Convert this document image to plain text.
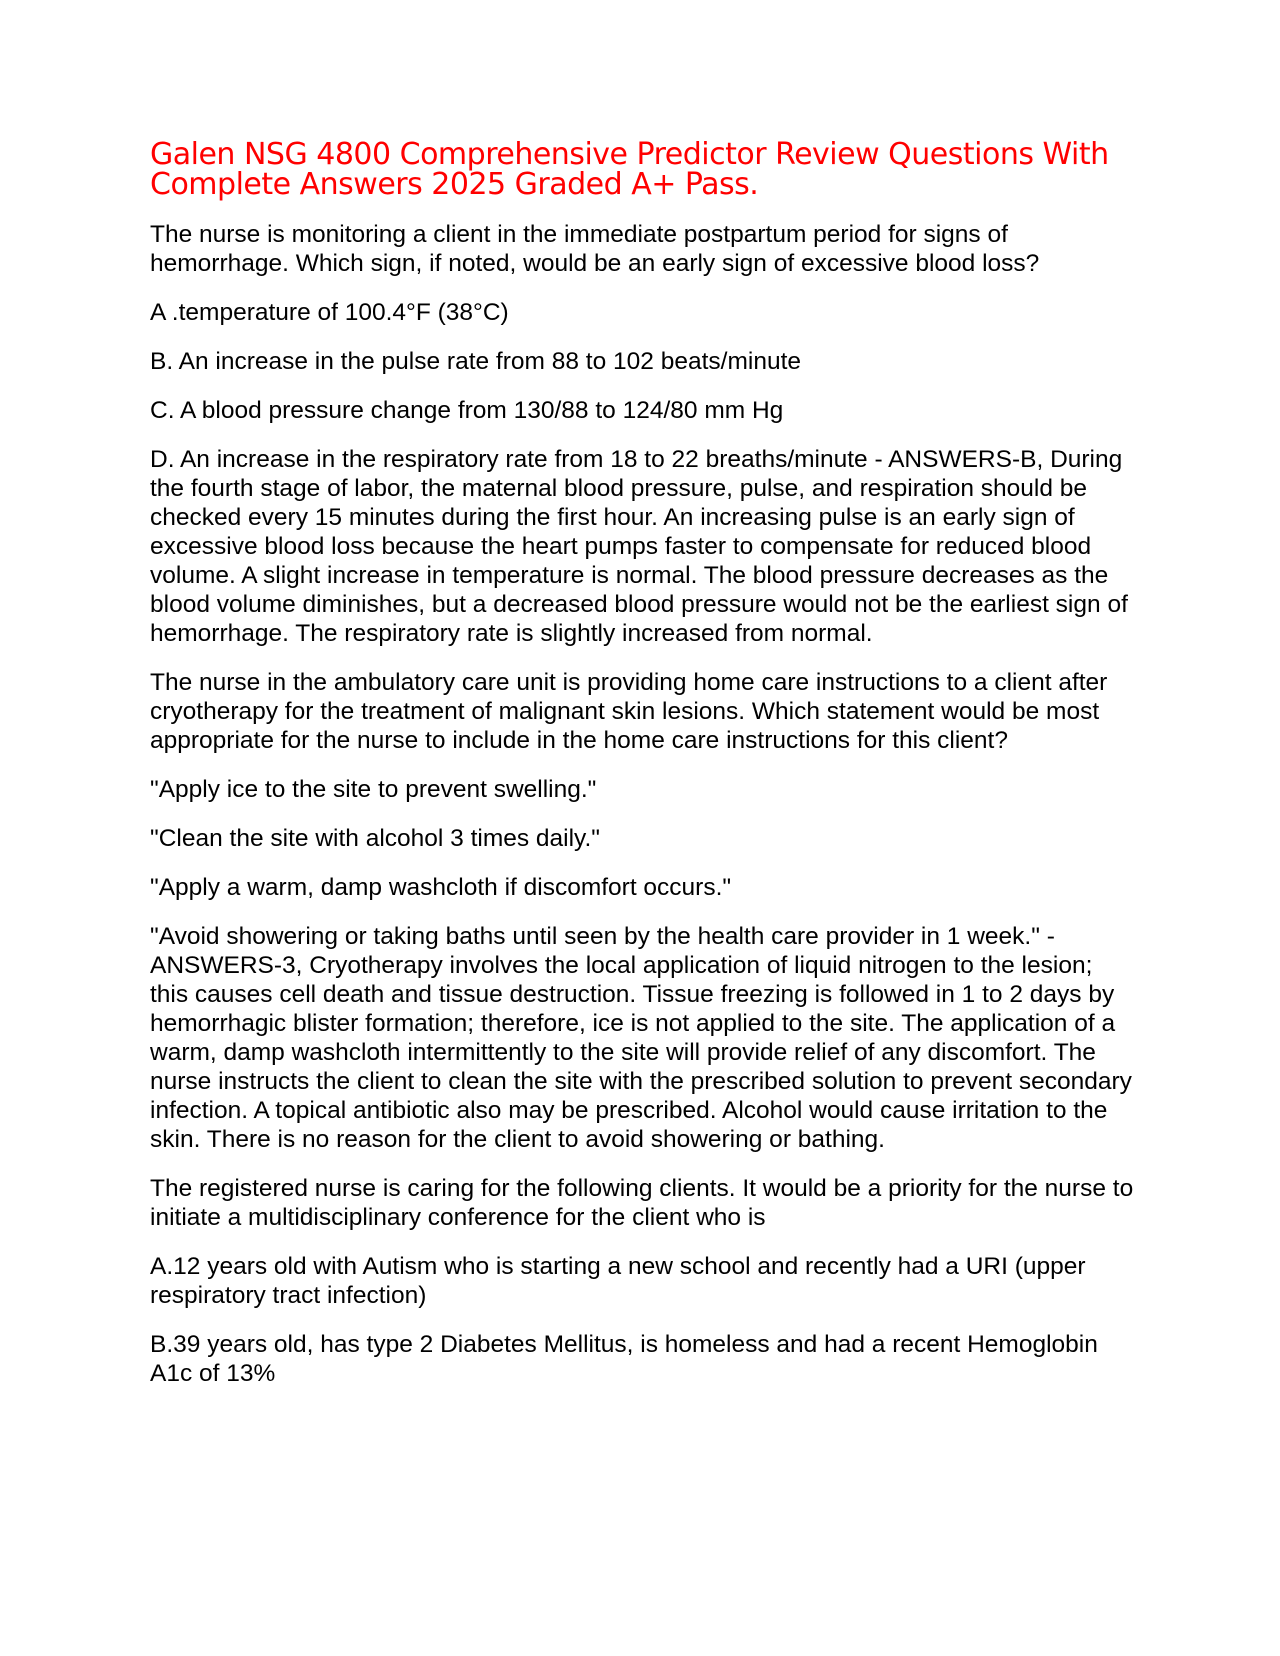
Galen NSG 4800 Comprehensive Predictor Review Questions With Complete Answers 2025 Graded A+ Pass.

The nurse is monitoring a client in the immediate postpartum period for signs of hemorrhage. Which sign, if noted, would be an early sign of excessive blood loss?

A .temperature of 100.4°F (38°C)

B. An increase in the pulse rate from 88 to 102 beats/minute

C. A blood pressure change from 130/88 to 124/80 mm Hg

D. An increase in the respiratory rate from 18 to 22 breaths/minute - ANSWERS-B, During the fourth stage of labor, the maternal blood pressure, pulse, and respiration should be checked every 15 minutes during the first hour. An increasing pulse is an early sign of excessive blood loss because the heart pumps faster to compensate for reduced blood volume. A slight increase in temperature is normal. The blood pressure decreases as the blood volume diminishes, but a decreased blood pressure would not be the earliest sign of hemorrhage. The respiratory rate is slightly increased from normal.

The nurse in the ambulatory care unit is providing home care instructions to a client after cryotherapy for the treatment of malignant skin lesions. Which statement would be most appropriate for the nurse to include in the home care instructions for this client?

"Apply ice to the site to prevent swelling."

"Clean the site with alcohol 3 times daily."

"Apply a warm, damp washcloth if discomfort occurs."

"Avoid showering or taking baths until seen by the health care provider in 1 week." - ANSWERS-3, Cryotherapy involves the local application of liquid nitrogen to the lesion; this causes cell death and tissue destruction. Tissue freezing is followed in 1 to 2 days by hemorrhagic blister formation; therefore, ice is not applied to the site. The application of a warm, damp washcloth intermittently to the site will provide relief of any discomfort. The nurse instructs the client to clean the site with the prescribed solution to prevent secondary infection. A topical antibiotic also may be prescribed. Alcohol would cause irritation to the skin. There is no reason for the client to avoid showering or bathing.

The registered nurse is caring for the following clients. It would be a priority for the nurse to initiate a multidisciplinary conference for the client who is

A.12 years old with Autism who is starting a new school and recently had a URI (upper respiratory tract infection)

B.39 years old, has type 2 Diabetes Mellitus, is homeless and had a recent Hemoglobin A1c of 13%
